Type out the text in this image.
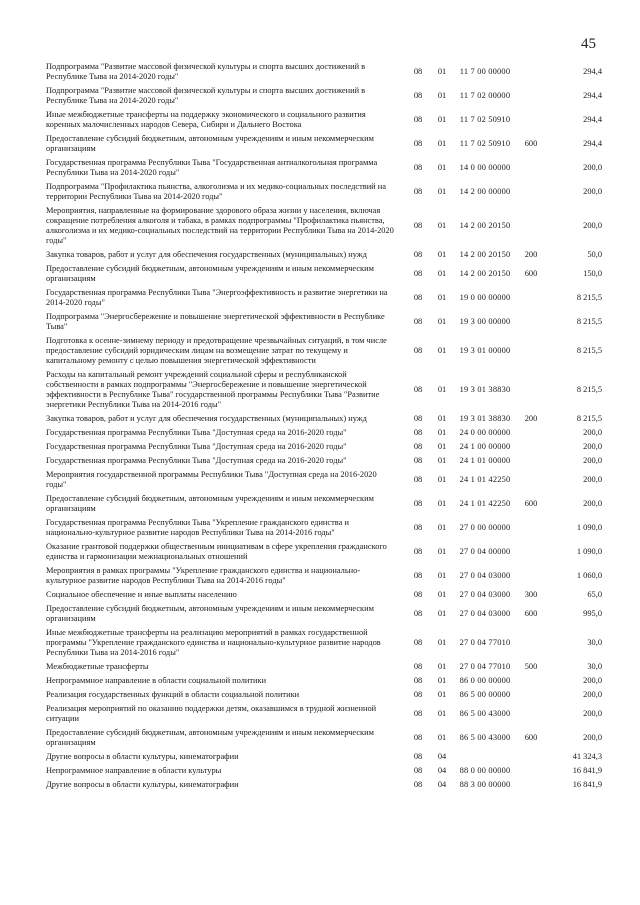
45
Подпрограмма "Развитие массовой физической культуры и спорта высших достижений в Республике Тыва на 2014-2020 годы"	08	01	11 7 00 00000		294,4
Подпрограмма "Развитие массовой физической культуры и спорта высших достижений в Республике Тыва на 2014-2020 годы"	08	01	11 7 02 00000		294,4
Иные межбюджетные трансферты на поддержку экономического и социального развития коренных малочисленных народов Севера, Сибири и Дальнего Востока	08	01	11 7 02 50910		294,4
Предоставление субсидий бюджетным, автономным учреждениям и иным некоммерческим организациям	08	01	11 7 02 50910	600	294,4
Государственная программа Республики Тыва "Государственная антиалкогольная программа Республики Тыва на 2014-2020 годы"	08	01	14 0 00 00000		200,0
Подпрограмма "Профилактика пьянства, алкоголизма и их медико-социальных последствий на территории Республики Тыва на 2014-2020 годы"	08	01	14 2 00 00000		200,0
Мероприятия, направленные на формирование здорового образа жизни у населения, включая сокращение потребления алкоголя и табака, в рамках подпрограммы "Профилактика пьянства, алкоголизма и их медико-социальных последствий на территории Республики Тыва на 2014-2020 годы"	08	01	14 2 00 20150		200,0
Закупка товаров, работ и услуг для обеспечения государственных (муниципальных) нужд	08	01	14 2 00 20150	200	50,0
Предоставление субсидий бюджетным, автономным учреждениям и иным некоммерческим организациям	08	01	14 2 00 20150	600	150,0
Государственная программа Республики Тыва "Энергоэффективность и развитие энергетики на 2014-2020 годы"	08	01	19 0 00 00000		8 215,5
Подпрограмма "Энергосбережение и повышение энергетической эффективности в Республике Тыва"	08	01	19 3 00 00000		8 215,5
Подготовка к осенне-зимнему периоду и предотвращение чрезвычайных ситуаций, в том числе предоставление субсидий юридическим лицам на возмещение затрат по текущему и капитальному ремонту с целью повышения энергетической эффективности	08	01	19 3 01 00000		8 215,5
Расходы на капитальный ремонт учреждений социальной сферы и республиканской собственности в рамках подпрограммы "Энергосбережение и повышение энергетической эффективности в Республике Тыва" государственной программы Республики Тыва "Развитие энергетики Республики Тыва на 2014-2016 годы"	08	01	19 3 01 38830		8 215,5
Закупка товаров, работ и услуг для обеспечения государственных (муниципальных) нужд	08	01	19 3 01 38830	200	8 215,5
Государственная программа Республики Тыва "Доступная среда на 2016-2020 годы"	08	01	24 0 00 00000		200,0
Государственная программа Республики Тыва "Доступная среда на 2016-2020 годы"	08	01	24 1 00 00000		200,0
Государственная программа Республики Тыва "Доступная среда на 2016-2020 годы"	08	01	24 1 01 00000		200,0
Мероприятия государственной программы Республики Тыва "Доступная среда на 2016-2020 годы"	08	01	24 1 01 42250		200,0
Предоставление субсидий бюджетным, автономным учреждениям и иным некоммерческим организациям	08	01	24 1 01 42250	600	200,0
Государственная программа Республики Тыва "Укрепление гражданского единства и национально-культурное развитие народов Республики Тыва на 2014-2016 годы"	08	01	27 0 00 00000		1 090,0
Оказание грантовой поддержки общественным инициативам в сфере укрепления гражданского единства и гармонизации межнациональных отношений	08	01	27 0 04 00000		1 090,0
Мероприятия в рамках программы "Укрепление гражданского единства и национально-культурное развитие народов Республики Тыва на 2014-2016 годы"	08	01	27 0 04 03000		1 060,0
Социальное обеспечение и иные выплаты населению	08	01	27 0 04 03000	300	65,0
Предоставление субсидий бюджетным, автономным учреждениям и иным некоммерческим организациям	08	01	27 0 04 03000	600	995,0
Иные межбюджетные трансферты на реализацию мероприятий в рамках государственной программы "Укрепление гражданского единства и национально-культурное развитие народов Республики Тыва на 2014-2016 годы"	08	01	27 0 04 77010		30,0
Межбюджетные трансферты	08	01	27 0 04 77010	500	30,0
Непрограммное направление в области социальной политики	08	01	86 0 00 00000		200,0
Реализация государственных функций в области социальной политики	08	01	86 5 00 00000		200,0
Реализация мероприятий по оказанию поддержки детям, оказавшимся в трудной жизненной ситуации	08	01	86 5 00 43000		200,0
Предоставление субсидий бюджетным, автономным учреждениям и иным некоммерческим организациям	08	01	86 5 00 43000	600	200,0
Другие вопросы в области культуры, кинематографии	08	04			41 324,3
Непрограммное направление в области культуры	08	04	88 0 00 00000		16 841,9
Другие вопросы в области культуры, кинематографии	08	04	88 3 00 00000		16 841,9
